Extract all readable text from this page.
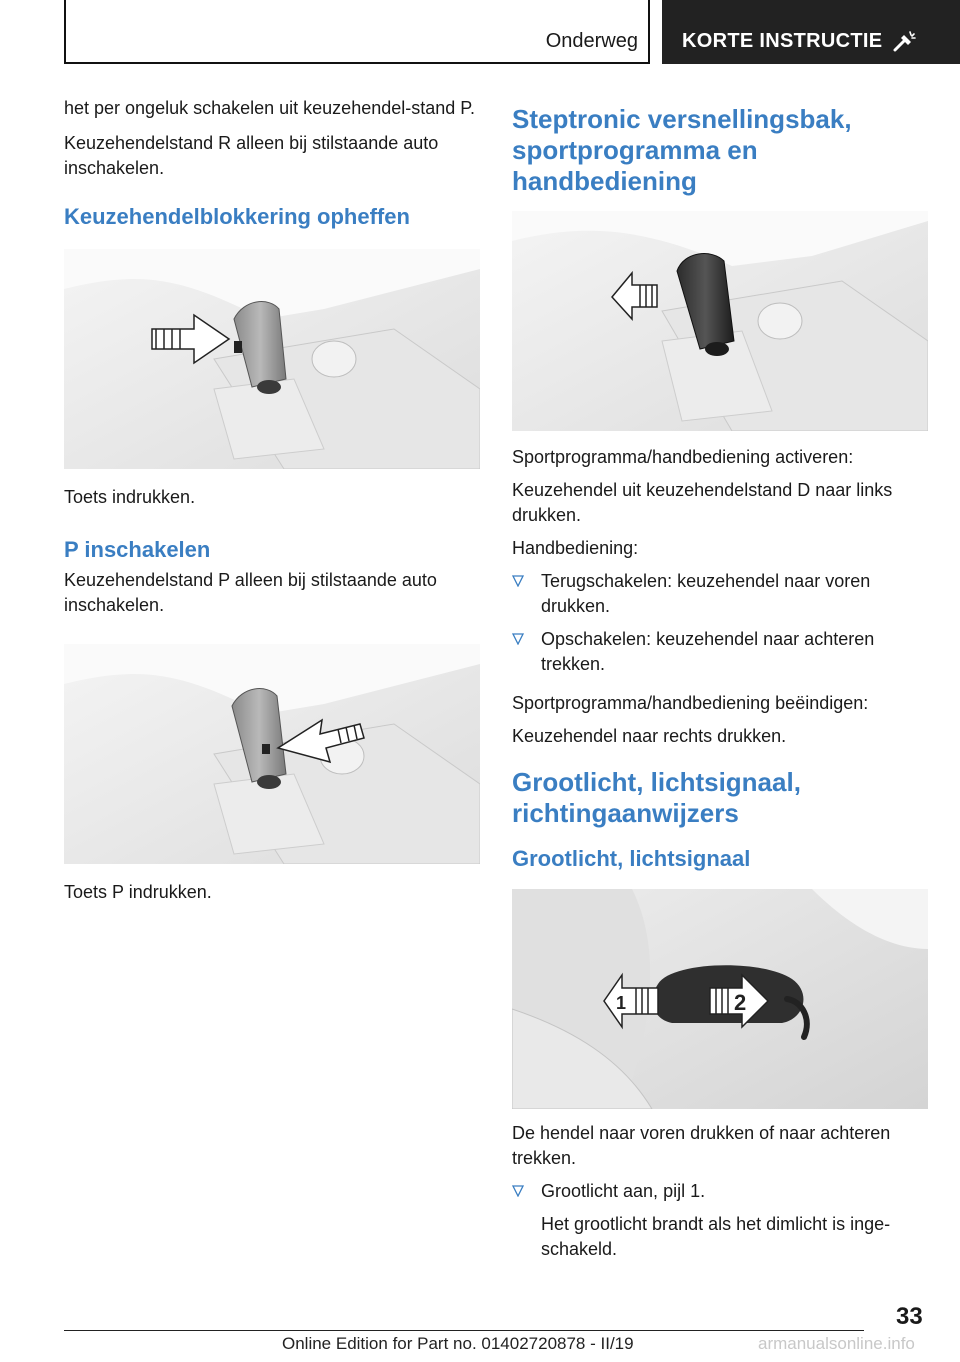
Onderweg KORTE INSTRUCTIE

het per ongeluk schakelen uit keuzehendel-stand P.

Keuzehendelstand R alleen bij stilstaande auto inschakelen.

Keuzehendelblokkering opheffen

Toets indrukken.

P inschakelen

Keuzehendelstand P alleen bij stilstaande auto inschakelen.

Toets P indrukken.

Steptronic versnellingsbak, sportprogramma en handbediening

Sportprogramma/handbediening activeren:

Keuzehendel uit keuzehendelstand D naar links drukken.

Handbediening:

Terugschakelen: keuzehendel naar voren drukken.
Opschakelen: keuzehendel naar achteren trekken.

Sportprogramma/handbediening beëindigen:

Keuzehendel naar rechts drukken.

Grootlicht, lichtsignaal, richtingaanwijzers
Grootlicht, lichtsignaal
2
1

De hendel naar voren drukken of naar achteren trekken.

Grootlicht aan, pijl 1.

Het grootlicht brandt als het dimlicht is inge-schakeld.

33
Online Edition for Part no. 01402720878 - II/19	armanualsonline.info
